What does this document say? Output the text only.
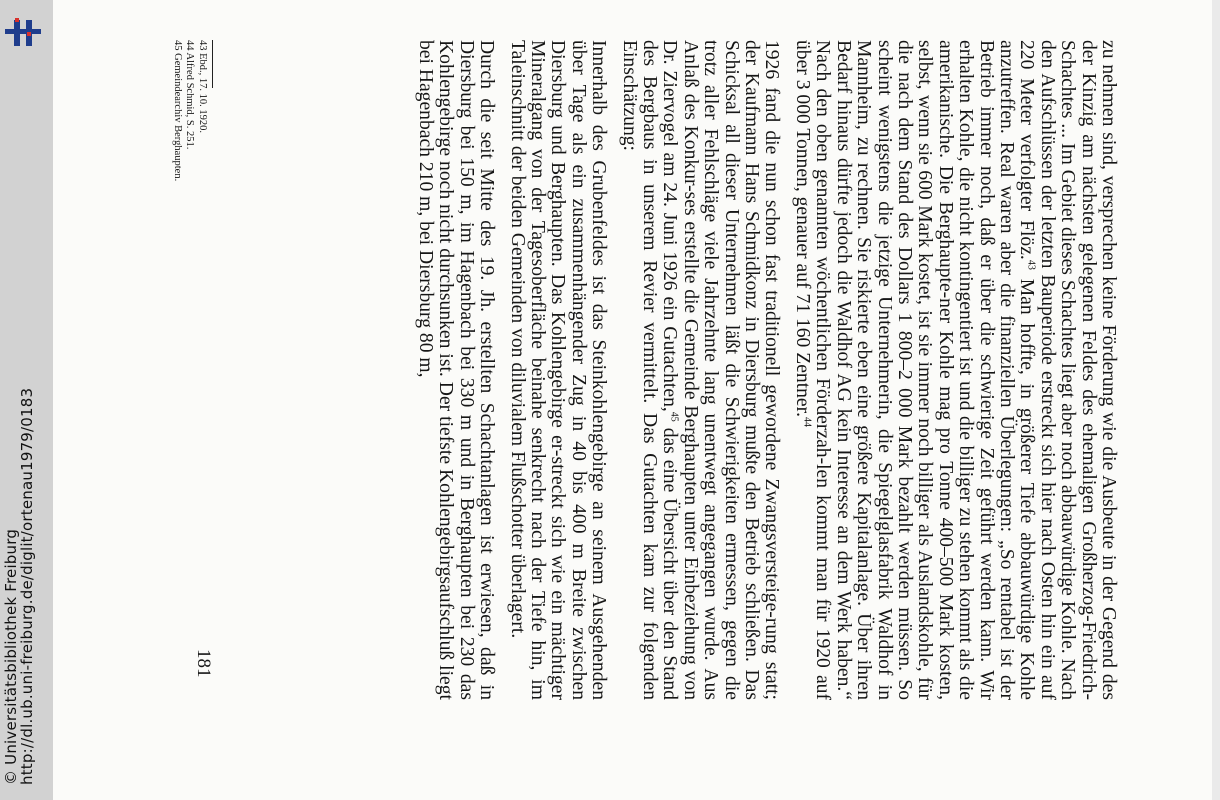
http://dl.ub.uni-freiburg.de/diglit/ortenau1979/0183
© Universitätsbibliothek Freiburg	zu nehmen sind, versprechen keine Förderung wie die Ausbeute in der Gegend des der Kinzig am nächsten gelegenen Feldes des ehemaligen Großherzog-Friedrich-Schachtes ... Im Gebiet dieses Schachtes liegt aber noch abbauwürdige Kohle. Nach den Aufschlüssen der letzten Bauperiode erstreckt sich hier nach Osten hin ein auf 220 Meter verfolgter Flöz.$^{43}$ Man hoffte, in größerer Tiefe abbauwürdige Kohle anzutreffen. Real waren aber die finanziellen Überlegungen: „So rentabel ist der Betrieb immer noch, daß er über die schwierige Zeit geführt werden kann. Wir erhalten Kohle, die nicht kontingentiert ist und die billiger zu stehen kommt als die amerikanische. Die Berghaupte-ner Kohle mag pro Tonne 400–500 Mark kosten, selbst, wenn sie 600 Mark kostet, ist sie immer noch billiger als Auslandskohle, für die nach dem Stand des Dollars 1 800–2 000 Mark bezahlt werden müssen. So scheint wenigstens die jetzige Unternehmerin, die Spiegelglasfabrik Waldhof in Mannheim, zu rechnen. Sie riskierte eben eine größere Kapitalanlage. Über ihren Bedarf hinaus dürfte jedoch die Waldhof AG kein Interesse an dem Werk haben.“ Nach den oben genannten wöchentlichen Förderzah-len kommt man für 1920 auf über 3 000 Tonnen, genauer auf 71 160 Zentner.$^{44}$

1926 fand die nun schon fast traditionell gewordene Zwangsversteige-rung statt; der Kaufmann Hans Schmidkonz in Diersburg mußte den Betrieb schließen. Das Schicksal all dieser Unternehmen läßt die Schwierigkeiten ermessen, gegen die trotz aller Fehlschläge viele Jahrzehnte lang unentwegt angegangen wurde. Aus Anlaß des Konkur-ses erstellte die Gemeinde Berghaupten unter Einbeziehung von Dr. Ziervogel am 24. Juni 1926 ein Gutachten,$^{45}$ das eine Übersicht über den Stand des Bergbaus in unserem Revier vermittelt. Das Gutachten kam zur folgenden Einschätzung:

Innerhalb des Grubenfeldes ist das Steinkohlengebirge an seinem Ausgehenden über Tage als ein zusammenhängender Zug in 40 bis 400 m Breite zwischen Diersburg und Berghaupten. Das Kohlengebirge er-streckt sich wie ein mächtiger Mineralgang von der Tagesoberfläche beinahe senkrecht nach der Tiefe hin, im Taleinschnitt der beiden Gemeinden von diluvialem Flußschotter überlagert.

Durch die seit Mitte des 19. Jh. erstellten Schachtanlagen ist erwiesen, daß in Diersburg bei 150 m, im Hagenbach bei 330 m und in Berghaupten bei 230 das Kohlengebirge noch nicht durchsunken ist. Der tiefste Kohlengebirgsaufschluß liegt bei Hagenbach 210 m, bei Diersburg 80 m,

43 Ebd., 17. 10. 1920.

44 Alfred Schmid, S. 251.

45 Gemeindearchiv Berghaupten.

181
